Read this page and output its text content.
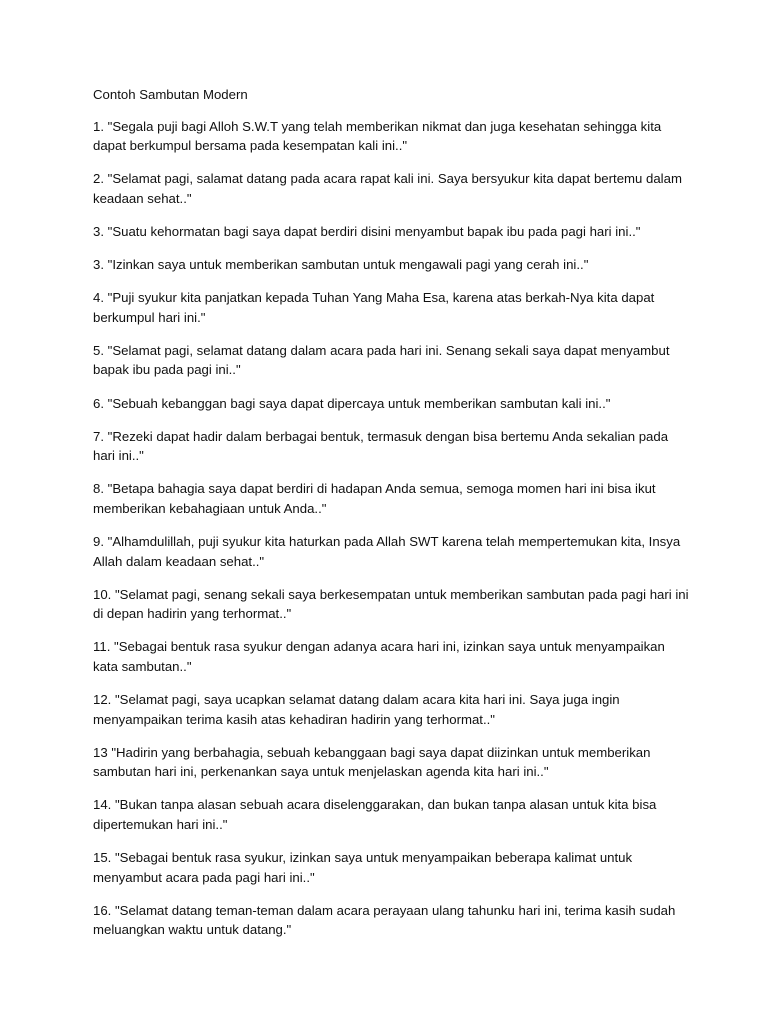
Contoh Sambutan Modern

1. "Segala puji bagi Alloh S.W.T yang telah memberikan nikmat dan juga kesehatan sehingga kita dapat berkumpul bersama pada kesempatan kali ini.."

2. "Selamat pagi, salamat datang pada acara rapat kali ini. Saya bersyukur kita dapat bertemu dalam keadaan sehat.."

3. "Suatu kehormatan bagi saya dapat berdiri disini menyambut bapak ibu pada pagi hari ini.."

3. "Izinkan saya untuk memberikan sambutan untuk mengawali pagi yang cerah ini.."

4. "Puji syukur kita panjatkan kepada Tuhan Yang Maha Esa, karena atas berkah-Nya kita dapat berkumpul hari ini."

5. "Selamat pagi, selamat datang dalam acara pada hari ini. Senang sekali saya dapat menyambut bapak ibu pada pagi ini.."

6. "Sebuah kebanggan bagi saya dapat dipercaya untuk memberikan sambutan kali ini.."

7. "Rezeki dapat hadir dalam berbagai bentuk, termasuk dengan bisa bertemu Anda sekalian pada hari ini.."

8. "Betapa bahagia saya dapat berdiri di hadapan Anda semua, semoga momen hari ini bisa ikut memberikan kebahagiaan untuk Anda.."

9. "Alhamdulillah, puji syukur kita haturkan pada Allah SWT karena telah mempertemukan kita, Insya Allah dalam keadaan sehat.."

10. "Selamat pagi, senang sekali saya berkesempatan untuk memberikan sambutan pada pagi hari ini di depan hadirin yang terhormat.."

11. "Sebagai bentuk rasa syukur dengan adanya acara hari ini, izinkan saya untuk menyampaikan kata sambutan.."

12. "Selamat pagi, saya ucapkan selamat datang dalam acara kita hari ini. Saya juga ingin menyampaikan terima kasih atas kehadiran hadirin yang terhormat.."

13 "Hadirin yang berbahagia, sebuah kebanggaan bagi saya dapat diizinkan untuk memberikan sambutan hari ini, perkenankan saya untuk menjelaskan agenda kita hari ini.."

14. "Bukan tanpa alasan sebuah acara diselenggarakan, dan bukan tanpa alasan untuk kita bisa dipertemukan hari ini.."

15. "Sebagai bentuk rasa syukur, izinkan saya untuk menyampaikan beberapa kalimat untuk menyambut acara pada pagi hari ini.."

16. "Selamat datang teman-teman dalam acara perayaan ulang tahunku hari ini, terima kasih sudah meluangkan waktu untuk datang."
